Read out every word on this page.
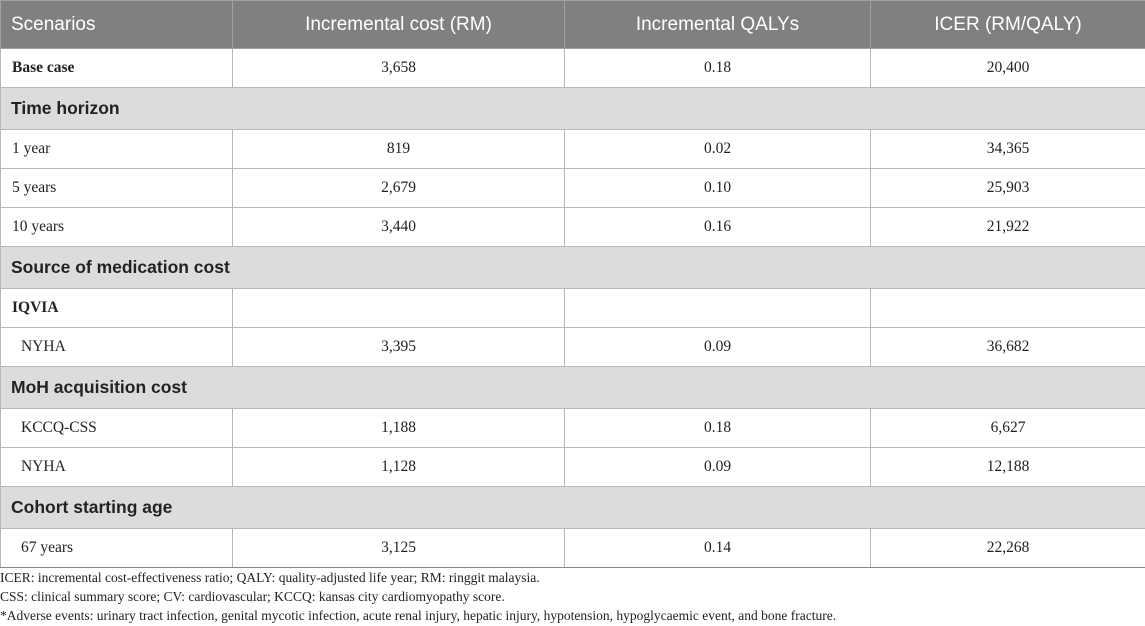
Scenarios	Incremental cost (RM)	Incremental QALYs	ICER (RM/QALY)
Base case	3,658	0.18	20,400
Time horizon			
1 year	819	0.02	34,365
5 years	2,679	0.10	25,903
10 years	3,440	0.16	21,922
Source of medication cost			
IQVIA			
NYHA	3,395	0.09	36,682
MoH acquisition cost			
KCCQ-CSS	1,188	0.18	6,627
NYHA	1,128	0.09	12,188
Cohort starting age			
67 years	3,125	0.14	22,268
ICER: incremental cost-effectiveness ratio; QALY: quality-adjusted life year; RM: ringgit malaysia.
CSS: clinical summary score; CV: cardiovascular; KCCQ: kansas city cardiomyopathy score.
*Adverse events: urinary tract infection, genital mycotic infection, acute renal injury, hepatic injury, hypotension, hypoglycaemic event, and bone fracture.
